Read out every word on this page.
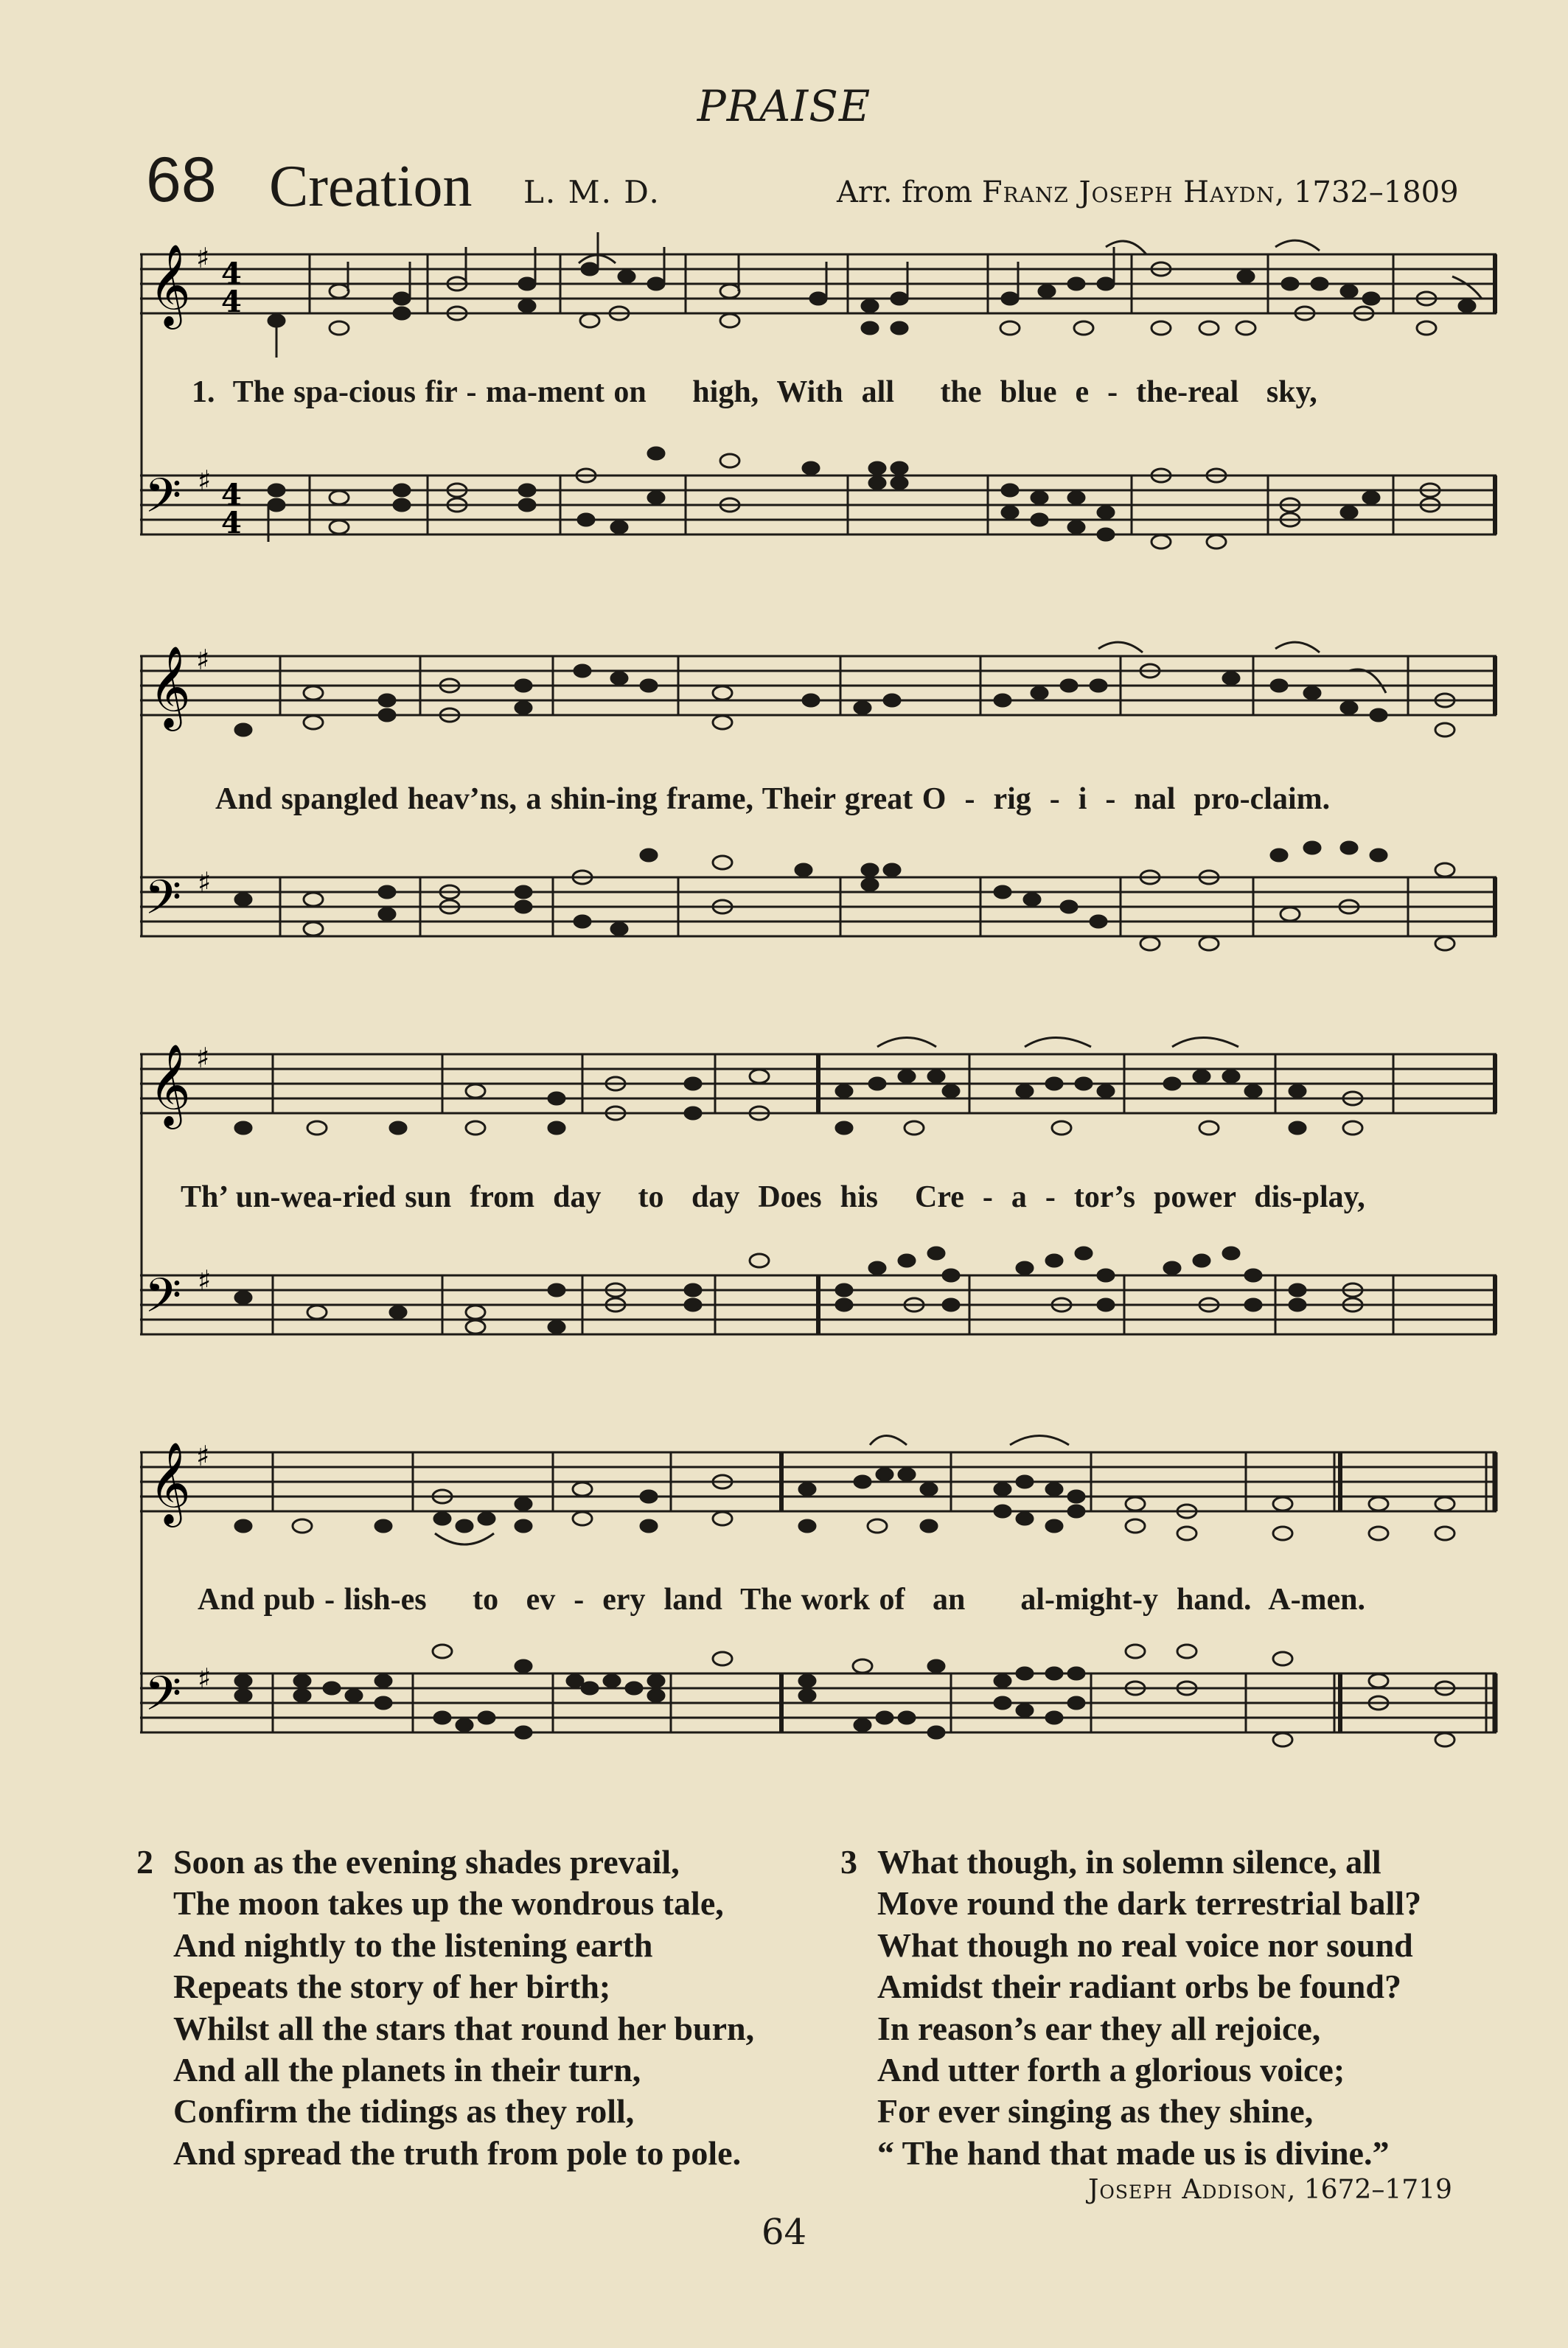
PRAISE
68 Creation L. M. D.	Arr. from Franz Joseph Haydn, 1732–1809
𝄞
𝄢
♯
♯
4
4
4
4
1.  The spa-cious fir - ma-ment on     high,  With  all     the  blue  e  -  the-real   sky,
𝄞
𝄢
♯
♯
And spangled heav’ns, a shin-ing frame, Their great O  -  rig  -  i  -  nal  pro-claim.
𝄞
𝄢
♯
♯
Th’ un-wea-ried sun  from  day    to   day  Does  his    Cre  -  a  -  tor’s  power  dis-play,
𝄞
𝄢
♯
♯
And pub - lish-es     to   ev  -  ery  land  The work of   an      al-might-y  hand.  A-men.
2 Soon as the evening shades prevail,
The moon takes up the wondrous tale,
And nightly to the listening earth
Repeats the story of her birth;
Whilst all the stars that round her burn,
And all the planets in their turn,
Confirm the tidings as they roll,
And spread the truth from pole to pole.
3 What though, in solemn silence, all
Move round the dark terrestrial ball?
What though no real voice nor sound
Amidst their radiant orbs be found?
In reason’s ear they all rejoice,
And utter forth a glorious voice;
For ever singing as they shine,
“ The hand that made us is divine.”
Joseph Addison, 1672–1719
64
